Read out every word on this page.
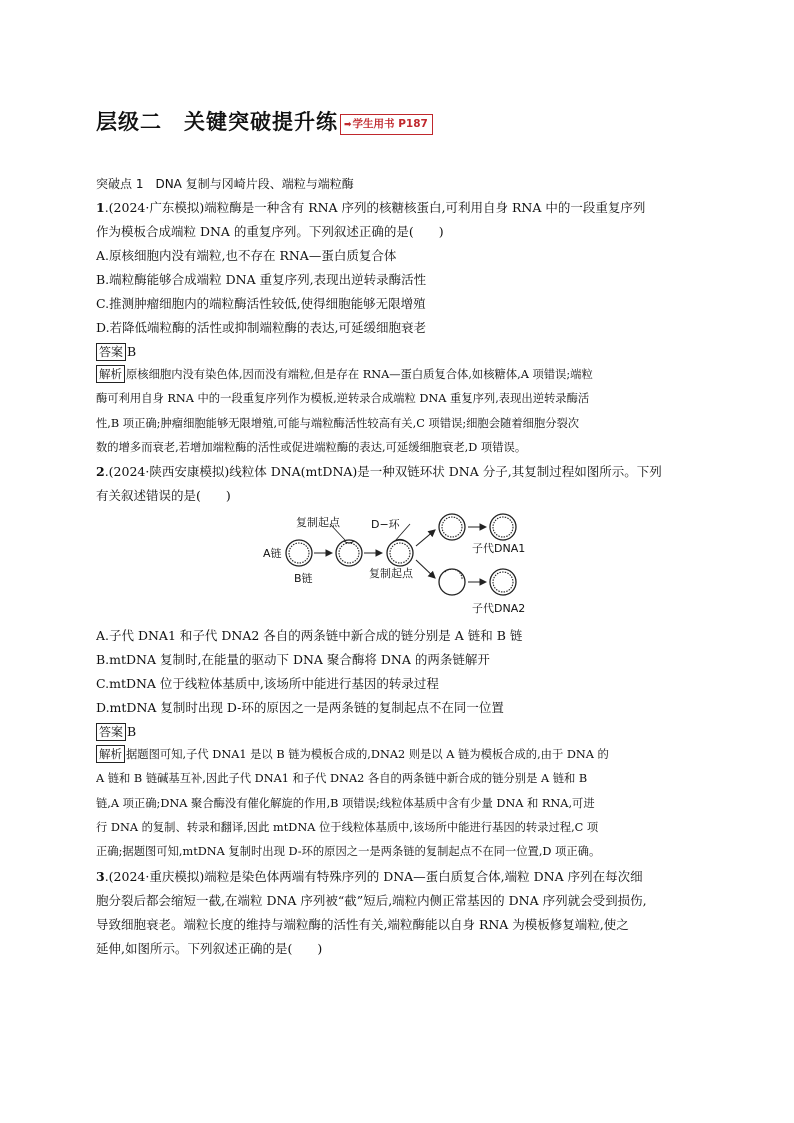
层级二　关键突破提升练 ➡学生用书 P187
突破点 1 DNA 复制与冈崎片段、端粒与端粒酶
1.(2024·广东模拟)端粒酶是一种含有 RNA 序列的核糖核蛋白,可利用自身 RNA 中的一段重复序列
作为模板合成端粒 DNA 的重复序列。下列叙述正确的是(　　)
A.原核细胞内没有端粒,也不存在 RNA—蛋白质复合体
B.端粒酶能够合成端粒 DNA 重复序列,表现出逆转录酶活性
C.推测肿瘤细胞内的端粒酶活性较低,使得细胞能够无限增殖
D.若降低端粒酶的活性或抑制端粒酶的表达,可延缓细胞衰老
答案 B
解析 原核细胞内没有染色体,因而没有端粒,但是存在 RNA—蛋白质复合体,如核糖体,A 项错误;端粒
酶可利用自身 RNA 中的一段重复序列作为模板,逆转录合成端粒 DNA 重复序列,表现出逆转录酶活
性,B 项正确;肿瘤细胞能够无限增殖,可能与端粒酶活性较高有关,C 项错误;细胞会随着细胞分裂次
数的增多而衰老,若增加端粒酶的活性或促进端粒酶的表达,可延缓细胞衰老,D 项错误。
2.(2024·陕西安康模拟)线粒体 DNA(mtDNA)是一种双链环状 DNA 分子,其复制过程如图所示。下列
有关叙述错误的是(　　)
复制起点	D−环
A链
B链	复制起点
子代DNA1
子代DNA2
A.子代 DNA1 和子代 DNA2 各自的两条链中新合成的链分别是 A 链和 B 链
B.mtDNA 复制时,在能量的驱动下 DNA 聚合酶将 DNA 的两条链解开
C.mtDNA 位于线粒体基质中,该场所中能进行基因的转录过程
D.mtDNA 复制时出现 D-环的原因之一是两条链的复制起点不在同一位置
答案 B
解析 据题图可知,子代 DNA1 是以 B 链为模板合成的,DNA2 则是以 A 链为模板合成的,由于 DNA 的
A 链和 B 链碱基互补,因此子代 DNA1 和子代 DNA2 各自的两条链中新合成的链分别是 A 链和 B
链,A 项正确;DNA 聚合酶没有催化解旋的作用,B 项错误;线粒体基质中含有少量 DNA 和 RNA,可进
行 DNA 的复制、转录和翻译,因此 mtDNA 位于线粒体基质中,该场所中能进行基因的转录过程,C 项
正确;据题图可知,mtDNA 复制时出现 D-环的原因之一是两条链的复制起点不在同一位置,D 项正确。
3.(2024·重庆模拟)端粒是染色体两端有特殊序列的 DNA—蛋白质复合体,端粒 DNA 序列在每次细
胞分裂后都会缩短一截,在端粒 DNA 序列被“截”短后,端粒内侧正常基因的 DNA 序列就会受到损伤,
导致细胞衰老。端粒长度的维持与端粒酶的活性有关,端粒酶能以自身 RNA 为模板修复端粒,使之
延伸,如图所示。下列叙述正确的是(　　)
